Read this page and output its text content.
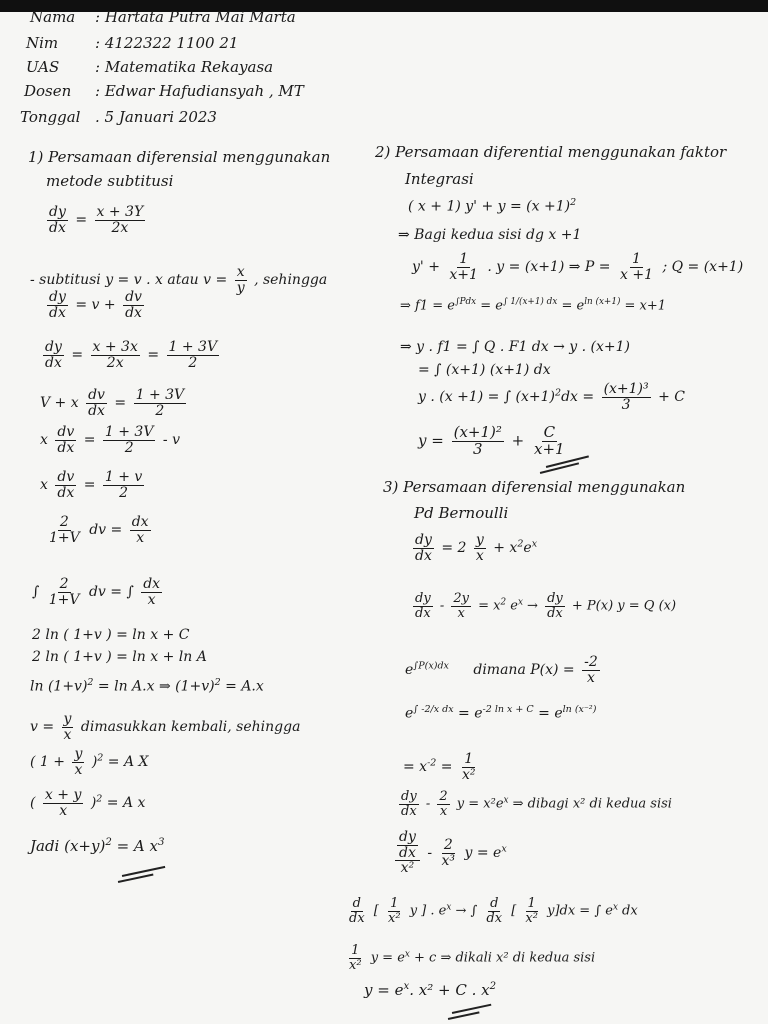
Nama : Hartata Putra Mai Marta
Nim : 4122322 1100 21
UAS : Matematika Rekayasa
Dosen : Edwar Hafudiansyah , MT
Tonggal . 5 Januari 2023
1) Persamaan diferensial menggunakan
metode subtitusi
$\frac{dy}{dx} = \frac{x + 3Y}{2x}$
- subtitusi y = v . x atau $v = \frac{x}{y}$ , sehingga
$\frac{dy}{dx} = v + \frac{dv}{dx}$
$\frac{dy}{dx} = \frac{x + 3x}{2x} = \frac{1 + 3V}{2}$
V + x $\frac{dv}{dx} = \frac{1 + 3V}{2}$
x $\frac{dv}{dx} = \frac{1 + 3V}{2} - v$
x $\frac{dv}{dx} = \frac{1 + v}{2}$
$\frac{2}{1+V}$ dv = $\frac{dx}{x}$
∫ $\frac{2}{1+V}$ dv = ∫ $\frac{dx}{x}$
2 ln ( 1+v ) = ln x + C
2 ln ( 1+v ) = ln x + ln A
$\ln (1+v)^2 = \ln A.x$ ⇒ $(1+v)^2 = A.x$
$v = \frac{y}{x}$ dimasukkan kembali, sehingga
( $1 + \frac{y}{x} )^2 = A$ X
( $\frac{x + y}{x} )^2 = A$ x
Jadi $(x+y)^2 = A$ $x^3$
2) Persamaan diferential menggunakan faktor
Integrasi
( x + 1) $y' + y = (x +1)^2$
⇒ Bagi kedua sisi dg x +1
$y' + \frac{1}{x+1}$ . y = (x+1) ⇒ $P = \frac{1}{x +1}$ ; Q = (x+1)
⇒ $f1 = e^{\int Pdx} = e^{\int 1/(x+1) dx} = e^{ln (x+1)} = x+1$
⇒ y . f1 = ∫ Q . F1 dx → y . (x+1)
= ∫ (x+1) (x+1) dx
y . (x +1) = ∫ $(x+1)^2dx = \frac{\text{(x+1)³}}{3} + C$
$y = \frac{\text{(x+1)²}}{3} + \frac{C}{x+1}$
3) Persamaan diferensial menggunakan
Pd Bernoulli
$\frac{dy}{dx} = 2 \frac{y}{x} + x^2e^x$
$\frac{dy}{dx} - \frac{2y}{x} = x^2$ $e^x \to \frac{dy}{dx} + P(x) y = Q$ (x)
$e^{\int P(x)dx}$ dimana $P(x) = \frac{-2}{x}$
$e^{\int -2/x dx} = e^{-2 ln x + C} = e^{ln (x^{-2})}$
= $x^{-2} = \frac{1}{\text{x²}}$
$\frac{dy}{dx} - \frac{2}{x}$ $y = x^2e^x$ ⇒ dibagi x² di kedua sisi
$\frac{\frac{dy}{dx}}{\text{x²}} - \frac{2}{\text{x³}}$ $y = e^x$
$\frac{d}{dx}$ [ $\frac{1}{\text{x²}}$ y ] . $e^x$ → ∫ $\frac{d}{dx}$ [ $\frac{1}{\text{x²}} y]dx$ = ∫ $e^x$ dx
$\frac{1}{\text{x²}}$ $y = e^x + c$ ⇒ dikali x² di kedua sisi
$y = e^x$. x² + C . $x^2$
